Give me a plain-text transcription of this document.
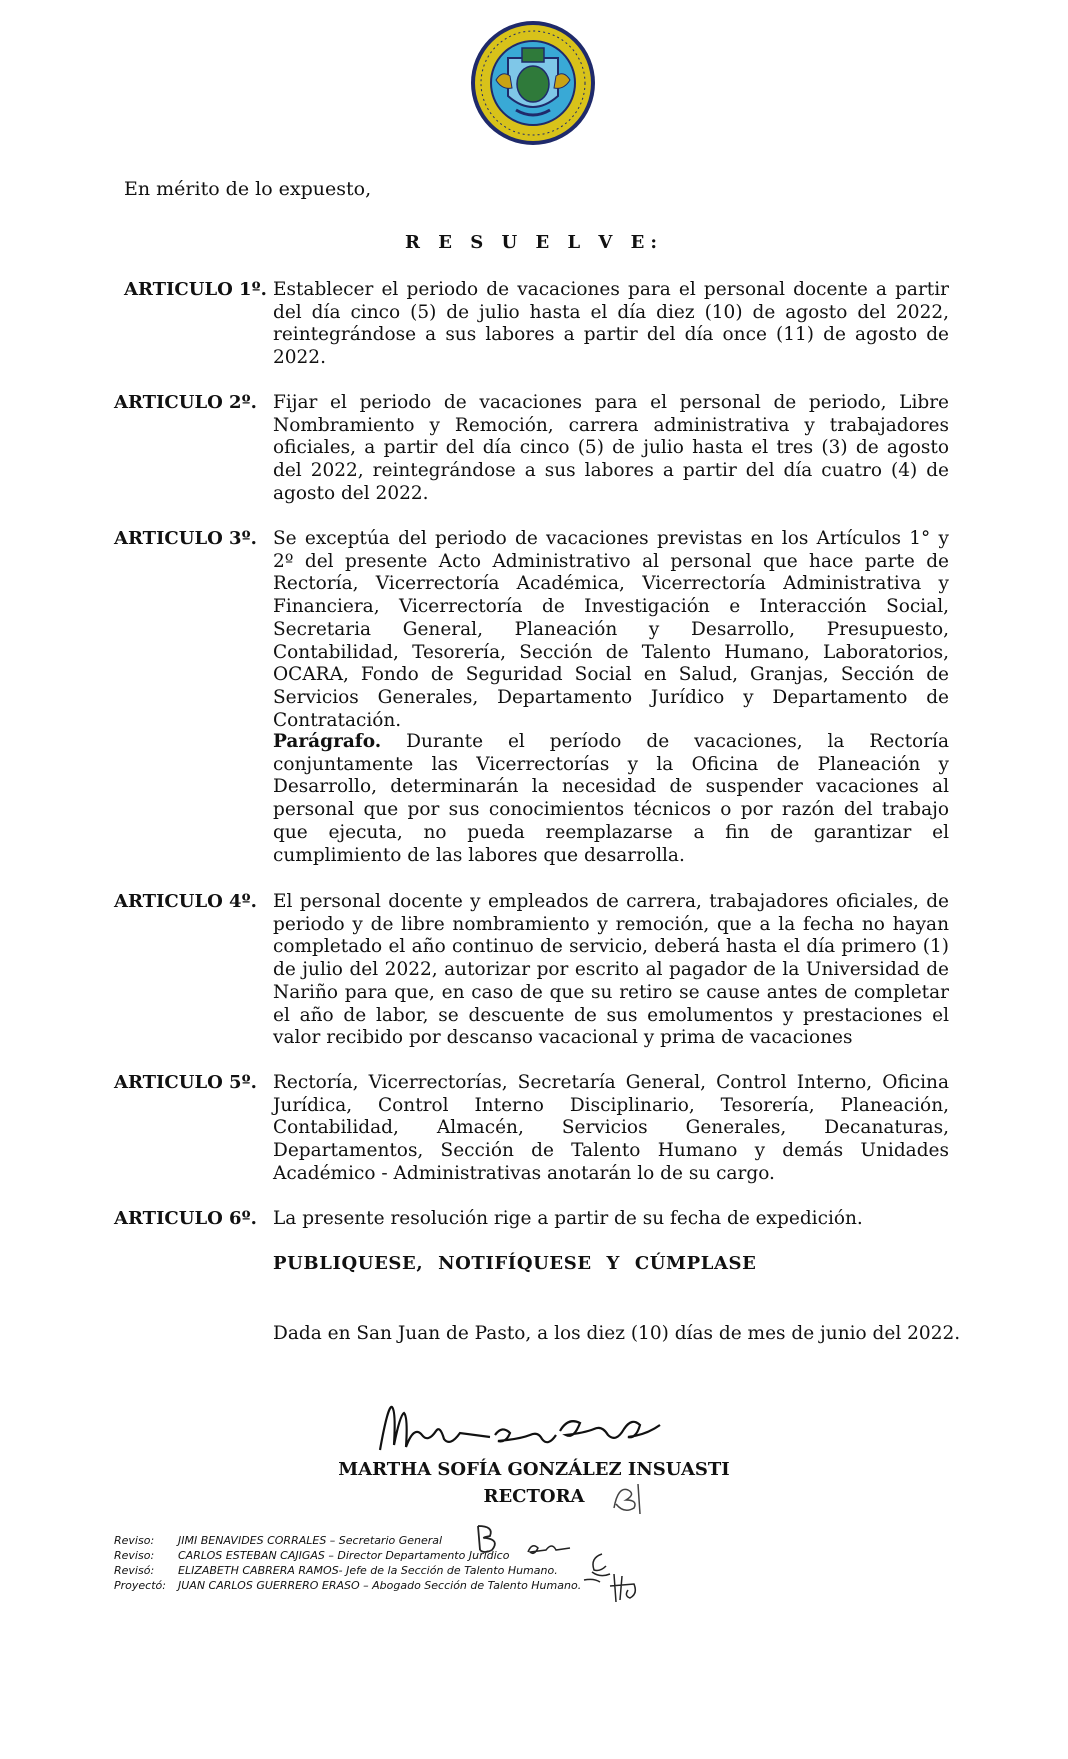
En mérito de lo expuesto,
R E S U E L V E:
ARTICULO 1º. Establecer el periodo de vacaciones para el personal docente a partir del día cinco (5) de julio hasta el día diez (10) de agosto del 2022, reintegrándose a sus labores a partir del día once (11) de agosto de 2022.
ARTICULO 2º. Fijar el periodo de vacaciones para el personal de periodo, Libre Nombramiento y Remoción, carrera administrativa y trabajadores oficiales, a partir del día cinco (5) de julio hasta el tres (3) de agosto del 2022, reintegrándose a sus labores a partir del día cuatro (4) de agosto del 2022.
ARTICULO 3º. Se exceptúa del periodo de vacaciones previstas en los Artículos 1° y 2º del presente Acto Administrativo al personal que hace parte de Rectoría, Vicerrectoría Académica, Vicerrectoría Administrativa y Financiera, Vicerrectoría de Investigación e Interacción Social, Secretaria General, Planeación y Desarrollo, Presupuesto, Contabilidad, Tesorería, Sección de Talento Humano, Laboratorios, OCARA, Fondo de Seguridad Social en Salud, Granjas, Sección de Servicios Generales, Departamento Jurídico y Departamento de Contratación.
Parágrafo. Durante el período de vacaciones, la Rectoría conjuntamente las Vicerrectorías y la Oficina de Planeación y Desarrollo, determinarán la necesidad de suspender vacaciones al personal que por sus conocimientos técnicos o por razón del trabajo que ejecuta, no pueda reemplazarse a fin de garantizar el cumplimiento de las labores que desarrolla.
ARTICULO 4º. El personal docente y empleados de carrera, trabajadores oficiales, de periodo y de libre nombramiento y remoción, que a la fecha no hayan completado el año continuo de servicio, deberá hasta el día primero (1) de julio del 2022, autorizar por escrito al pagador de la Universidad de Nariño para que, en caso de que su retiro se cause antes de completar el año de labor, se descuente de sus emolumentos y prestaciones el valor recibido por descanso vacacional y prima de vacaciones
ARTICULO 5º. Rectoría, Vicerrectorías, Secretaría General, Control Interno, Oficina Jurídica, Control Interno Disciplinario, Tesorería, Planeación, Contabilidad, Almacén, Servicios Generales, Decanaturas, Departamentos, Sección de Talento Humano y demás Unidades Académico - Administrativas anotarán lo de su cargo.
ARTICULO 6º. La presente resolución rige a partir de su fecha de expedición.
PUBLIQUESE, NOTIFÍQUESE Y CÚMPLASE
Dada en San Juan de Pasto, a los diez (10) días de mes de junio del 2022.
MARTHA SOFÍA GONZÁLEZ INSUASTI
RECTORA
Reviso:	JIMI BENAVIDES CORRALES – Secretario General
Reviso:	CARLOS ESTEBAN CAJIGAS – Director Departamento Jurídico
Revisó:	ELIZABETH CABRERA RAMOS- Jefe de la Sección de Talento Humano.
Proyectó:	JUAN CARLOS GUERRERO ERASO – Abogado Sección de Talento Humano.
